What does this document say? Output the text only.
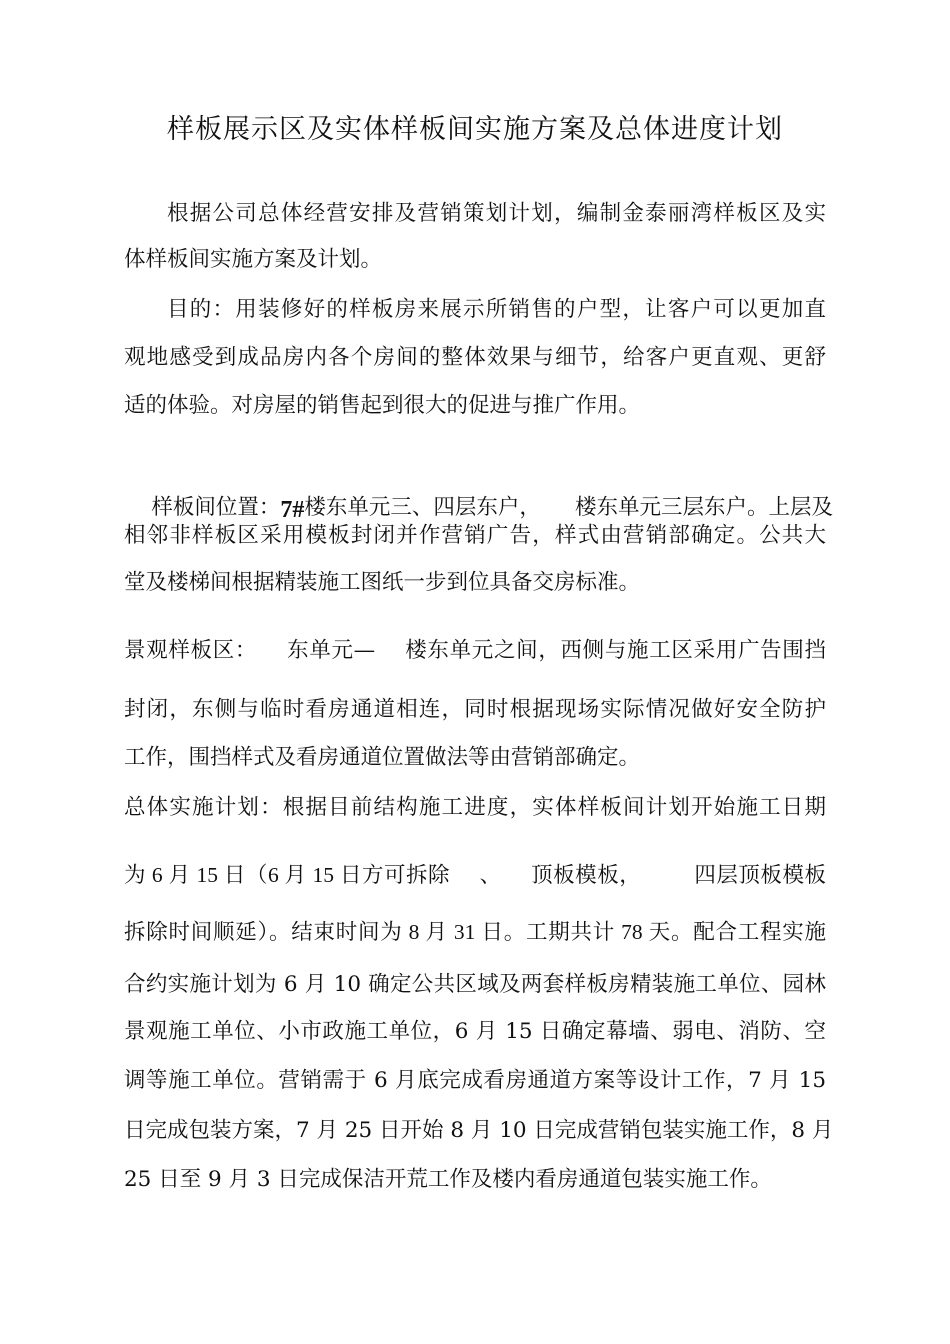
样板展示区及实体样板间实施方案及总体进度计划
根据公司总体经营安排及营销策划计划，编制金泰丽湾样板区及实
体样板间实施方案及计划。
目的：用装修好的样板房来展示所销售的户型，让客户可以更加直
观地感受到成品房内各个房间的整体效果与细节，给客户更直观、更舒
适的体验。对房屋的销售起到很大的促进与推广作用。

样板间位置：7#楼东单元三、四层东户，     楼东单元三层东户。上层及

相邻非样板区采用模板封闭并作营销广告，样式由营销部确定。公共大
堂及楼梯间根据精装施工图纸一步到位具备交房标准。
景观样板区：    东单元—    楼东单元之间，西侧与施工区采用广告围挡
封闭，东侧与临时看房通道相连，同时根据现场实际情况做好安全防护
工作，围挡样式及看房通道位置做法等由营销部确定。
总体实施计划：根据目前结构施工进度，实体样板间计划开始施工日期
为 6 月 15 日（6 月 15 日方可拆除     、     顶板模板，         四层顶板模板
拆除时间顺延）。结束时间为 8 月 31 日。工期共计 78 天。配合工程实施
合约实施计划为 6 月 10 确定公共区域及两套样板房精装施工单位、园林
景观施工单位、小市政施工单位，6 月 15 日确定幕墙、弱电、消防、空
调等施工单位。营销需于 6 月底完成看房通道方案等设计工作，7 月 15
日完成包装方案，7 月 25 日开始 8 月 10 日完成营销包装实施工作，8 月
25 日至 9 月 3 日完成保洁开荒工作及楼内看房通道包装实施工作。
